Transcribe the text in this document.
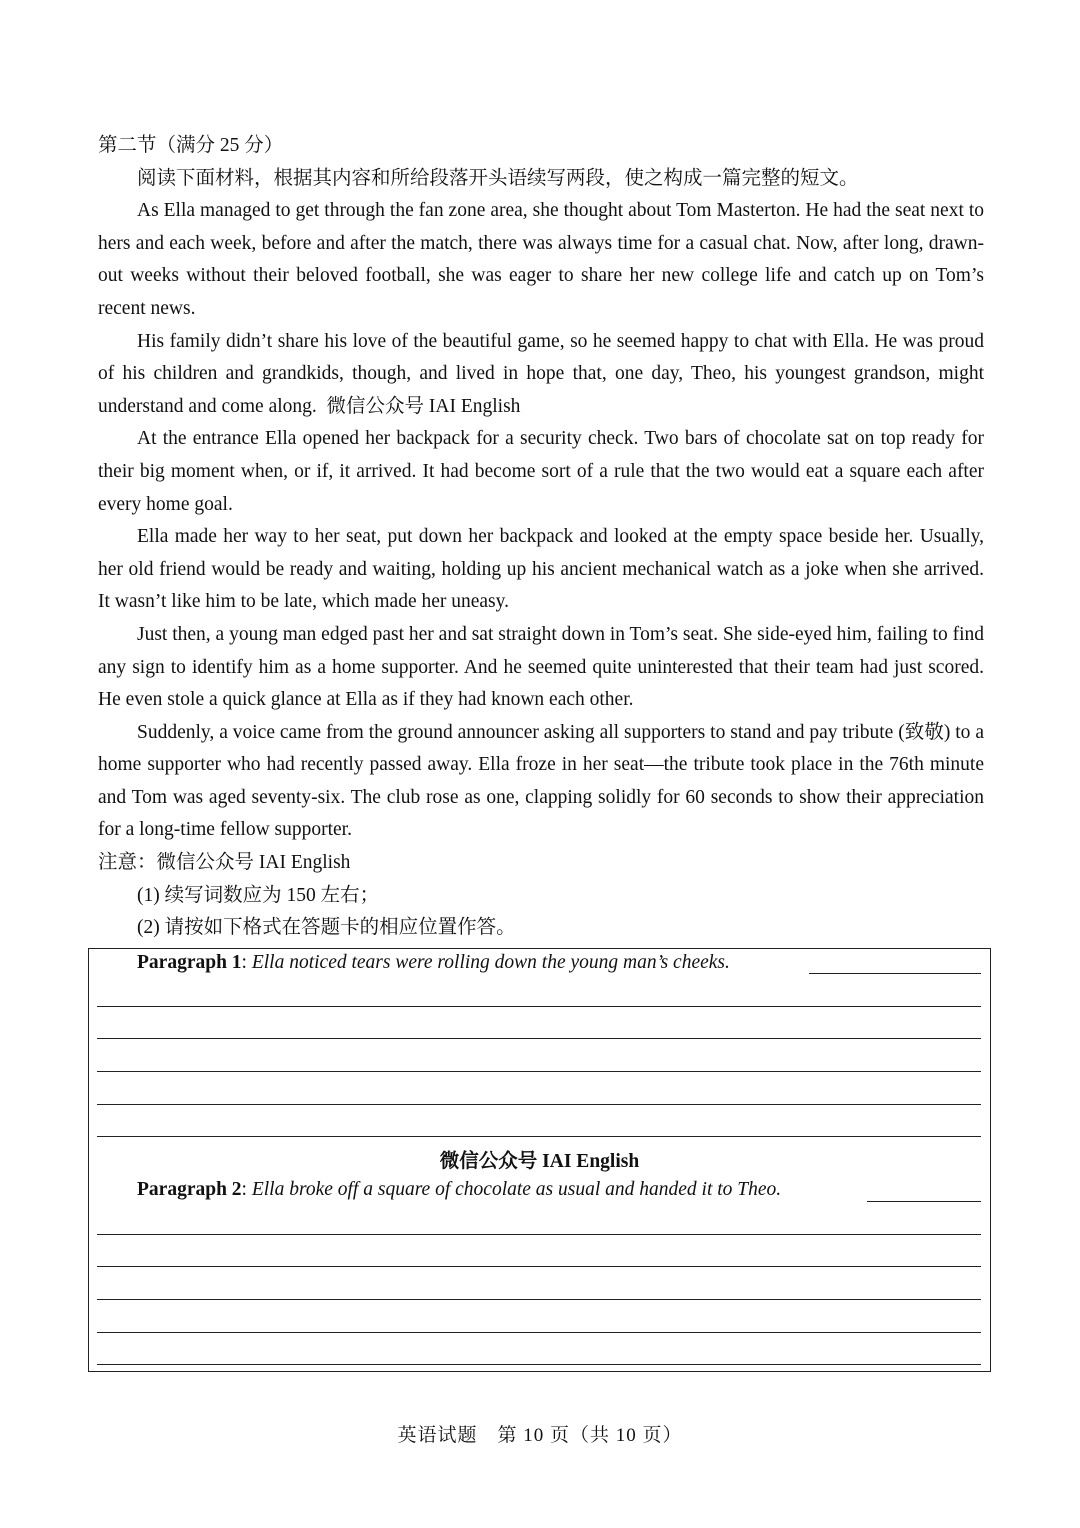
第二节（满分 25 分）
阅读下面材料，根据其内容和所给段落开头语续写两段，使之构成一篇完整的短文。
As Ella managed to get through the fan zone area, she thought about Tom Masterton. He had the seat next to hers and each week, before and after the match, there was always time for a casual chat. Now, after long, drawn-out weeks without their beloved football, she was eager to share her new college life and catch up on Tom’s recent news.
His family didn’t share his love of the beautiful game, so he seemed happy to chat with Ella. He was proud of his children and grandkids, though, and lived in hope that, one day, Theo, his youngest grandson, might understand and come along. 微信公众号 IAI English
At the entrance Ella opened her backpack for a security check. Two bars of chocolate sat on top ready for their big moment when, or if, it arrived. It had become sort of a rule that the two would eat a square each after every home goal.
Ella made her way to her seat, put down her backpack and looked at the empty space beside her. Usually, her old friend would be ready and waiting, holding up his ancient mechanical watch as a joke when she arrived. It wasn’t like him to be late, which made her uneasy.
Just then, a young man edged past her and sat straight down in Tom’s seat. She side-eyed him, failing to find any sign to identify him as a home supporter. And he seemed quite uninterested that their team had just scored. He even stole a quick glance at Ella as if they had known each other.
Suddenly, a voice came from the ground announcer asking all supporters to stand and pay tribute (致敬) to a home supporter who had recently passed away. Ella froze in her seat—the tribute took place in the 76th minute and Tom was aged seventy-six. The club rose as one, clapping solidly for 60 seconds to show their appreciation for a long-time fellow supporter.
注意：微信公众号 IAI English
(1) 续写词数应为 150 左右；
(2) 请按如下格式在答题卡的相应位置作答。
Paragraph 1: Ella noticed tears were rolling down the young man’s cheeks.
微信公众号 IAI English
Paragraph 2: Ella broke off a square of chocolate as usual and handed it to Theo.
英语试题　第 10 页（共 10 页）
